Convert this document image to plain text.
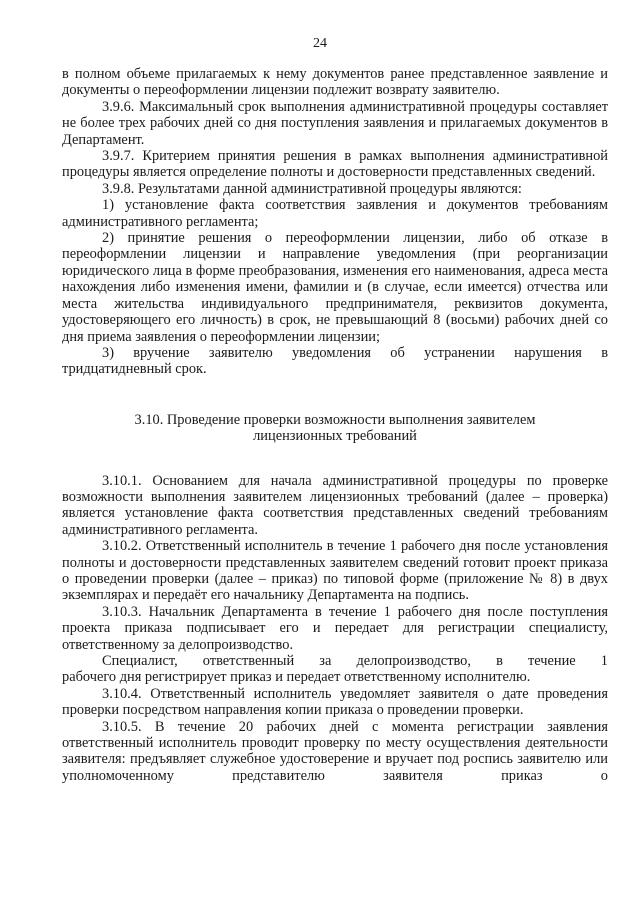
24

в полном объеме прилагаемых к нему документов ранее представленное заявление и документы о переоформлении лицензии подлежит возврату заявителю.

3.9.6. Максимальный срок выполнения административной процедуры составляет не более трех рабочих дней со дня поступления заявления и прилагаемых документов в Департамент.

3.9.7. Критерием принятия решения в рамках выполнения административной процедуры является определение полноты и достоверности представленных сведений.

3.9.8. Результатами данной административной процедуры являются:

1) установление факта соответствия заявления и документов требованиям административного регламента;

2) принятие решения о переоформлении лицензии, либо об отказе в переоформлении лицензии и направление уведомления (при реорганизации юридического лица в форме преобразования, изменения его наименования, адреса места нахождения либо изменения имени, фамилии и (в случае, если имеется) отчества или места жительства индивидуального предпринимателя, реквизитов документа, удостоверяющего его личность) в срок, не превышающий 8 (восьми) рабочих дней со дня приема заявления о переоформлении лицензии;

3) вручение заявителю уведомления об устранении нарушения в

тридцатидневный срок.

3.10. Проведение проверки возможности выполнения заявителем
лицензионных требований

3.10.1. Основанием для начала административной процедуры по проверке возможности выполнения заявителем лицензионных требований (далее – проверка) является установление факта соответствия представленных сведений требованиям административного регламента.

3.10.2. Ответственный исполнитель в течение 1 рабочего дня после установления полноты и достоверности представленных заявителем сведений готовит проект приказа о проведении проверки (далее – приказ) по типовой форме (приложение № 8) в двух экземплярах и передаёт его начальнику Департамента на подпись.

3.10.3. Начальник Департамента в течение 1 рабочего дня после поступления проекта приказа подписывает его и передает для регистрации специалисту, ответственному за делопроизводство.

Специалист, ответственный за делопроизводство, в течение 1

рабочего дня регистрирует приказ и передает ответственному исполнителю.

3.10.4. Ответственный исполнитель уведомляет заявителя о дате проведения проверки посредством направления копии приказа о проведении проверки.

3.10.5. В течение 20 рабочих дней с момента регистрации заявления ответственный исполнитель проводит проверку по месту осуществления деятельности заявителя: предъявляет служебное удостоверение и вручает под роспись заявителю или уполномоченному представителю заявителя приказ о
